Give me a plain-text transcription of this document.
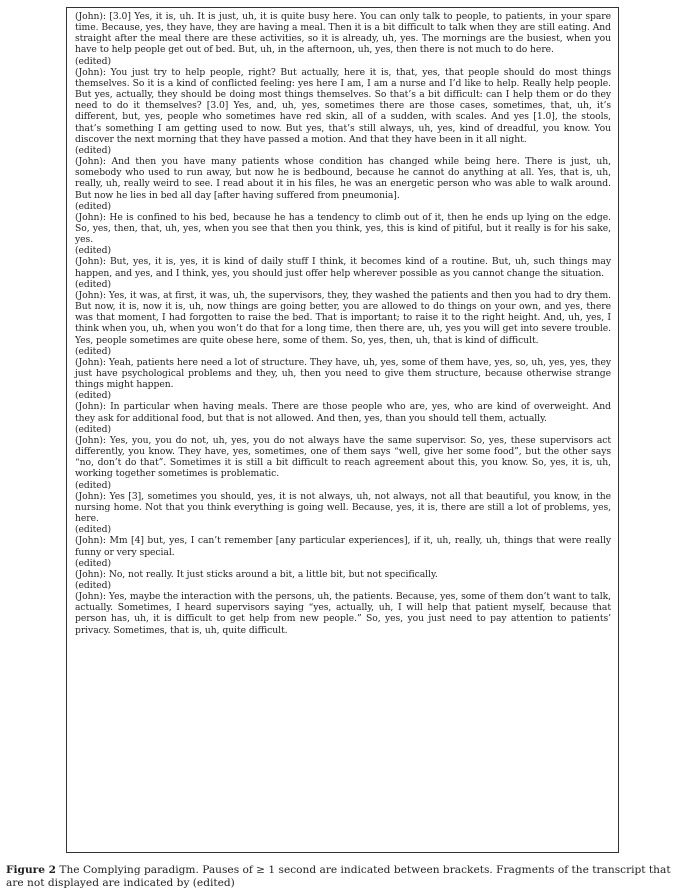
(John): [3.0] Yes, it is, uh. It is just, uh, it is quite busy here. You can only talk to people, to patients, in your spare time. Because, yes, they have, they are having a meal. Then it is a bit difficult to talk when they are still eating. And straight after the meal there are these activities, so it is already, uh, yes. The mornings are the busiest, when you have to help people get out of bed. But, uh, in the afternoon, uh, yes, then there is not much to do here.

(edited)

(John): You just try to help people, right? But actually, here it is, that, yes, that people should do most things themselves. So it is a kind of conflicted feeling: yes here I am, I am a nurse and I’d like to help. Really help people. But yes, actually, they should be doing most things themselves. So that’s a bit difficult: can I help them or do they need to do it themselves? [3.0] Yes, and, uh, yes, sometimes there are those cases, sometimes, that, uh, it’s different, but, yes, people who sometimes have red skin, all of a sudden, with scales. And yes [1.0], the stools, that’s something I am getting used to now. But yes, that’s still always, uh, yes, kind of dreadful, you know. You discover the next morning that they have passed a motion. And that they have been in it all night.

(edited)

(John): And then you have many patients whose condition has changed while being here. There is just, uh, somebody who used to run away, but now he is bedbound, because he cannot do anything at all. Yes, that is, uh, really, uh, really weird to see. I read about it in his files, he was an energetic person who was able to walk around. But now he lies in bed all day [after having suffered from pneumonia].

(edited)

(John): He is confined to his bed, because he has a tendency to climb out of it, then he ends up lying on the edge. So, yes, then, that, uh, yes, when you see that then you think, yes, this is kind of pitiful, but it really is for his sake, yes.

(edited)

(John): But, yes, it is, yes, it is kind of daily stuff I think, it becomes kind of a routine. But, uh, such things may happen, and yes, and I think, yes, you should just offer help wherever possible as you cannot change the situation.

(edited)

(John): Yes, it was, at first, it was, uh, the supervisors, they, they washed the patients and then you had to dry them. But now, it is, now it is, uh, now things are going better, you are allowed to do things on your own, and yes, there was that moment, I had forgotten to raise the bed. That is important; to raise it to the right height. And, uh, yes, I think when you, uh, when you won’t do that for a long time, then there are, uh, yes you will get into severe trouble. Yes, people sometimes are quite obese here, some of them. So, yes, then, uh, that is kind of difficult.

(edited)

(John): Yeah, patients here need a lot of structure. They have, uh, yes, some of them have, yes, so, uh, yes, yes, they just have psychological problems and they, uh, then you need to give them structure, because otherwise strange things might happen.

(edited)

(John): In particular when having meals. There are those people who are, yes, who are kind of overweight. And they ask for additional food, but that is not allowed. And then, yes, than you should tell them, actually.

(edited)

(John): Yes, you, you do not, uh, yes, you do not always have the same supervisor. So, yes, these supervisors act differently, you know. They have, yes, sometimes, one of them says “well, give her some food”, but the other says “no, don’t do that”. Sometimes it is still a bit difficult to reach agreement about this, you know. So, yes, it is, uh, working together sometimes is problematic.

(edited)

(John): Yes [3], sometimes you should, yes, it is not always, uh, not always, not all that beautiful, you know, in the nursing home. Not that you think everything is going well. Because, yes, it is, there are still a lot of problems, yes, here.

(edited)

(John): Mm [4] but, yes, I can’t remember [any particular experiences], if it, uh, really, uh, things that were really funny or very special.

(edited)

(John): No, not really. It just sticks around a bit, a little bit, but not specifically.

(edited)

(John): Yes, maybe the interaction with the persons, uh, the patients. Because, yes, some of them don’t want to talk, actually. Sometimes, I heard supervisors saying “yes, actually, uh, I will help that patient myself, because that person has, uh, it is difficult to get help from new people.” So, yes, you just need to pay attention to patients’ privacy. Sometimes, that is, uh, quite difficult.

Figure 2 The Complying paradigm. Pauses of ≥ 1 second are indicated between brackets. Fragments of the transcript that are not displayed are indicated by (edited)
